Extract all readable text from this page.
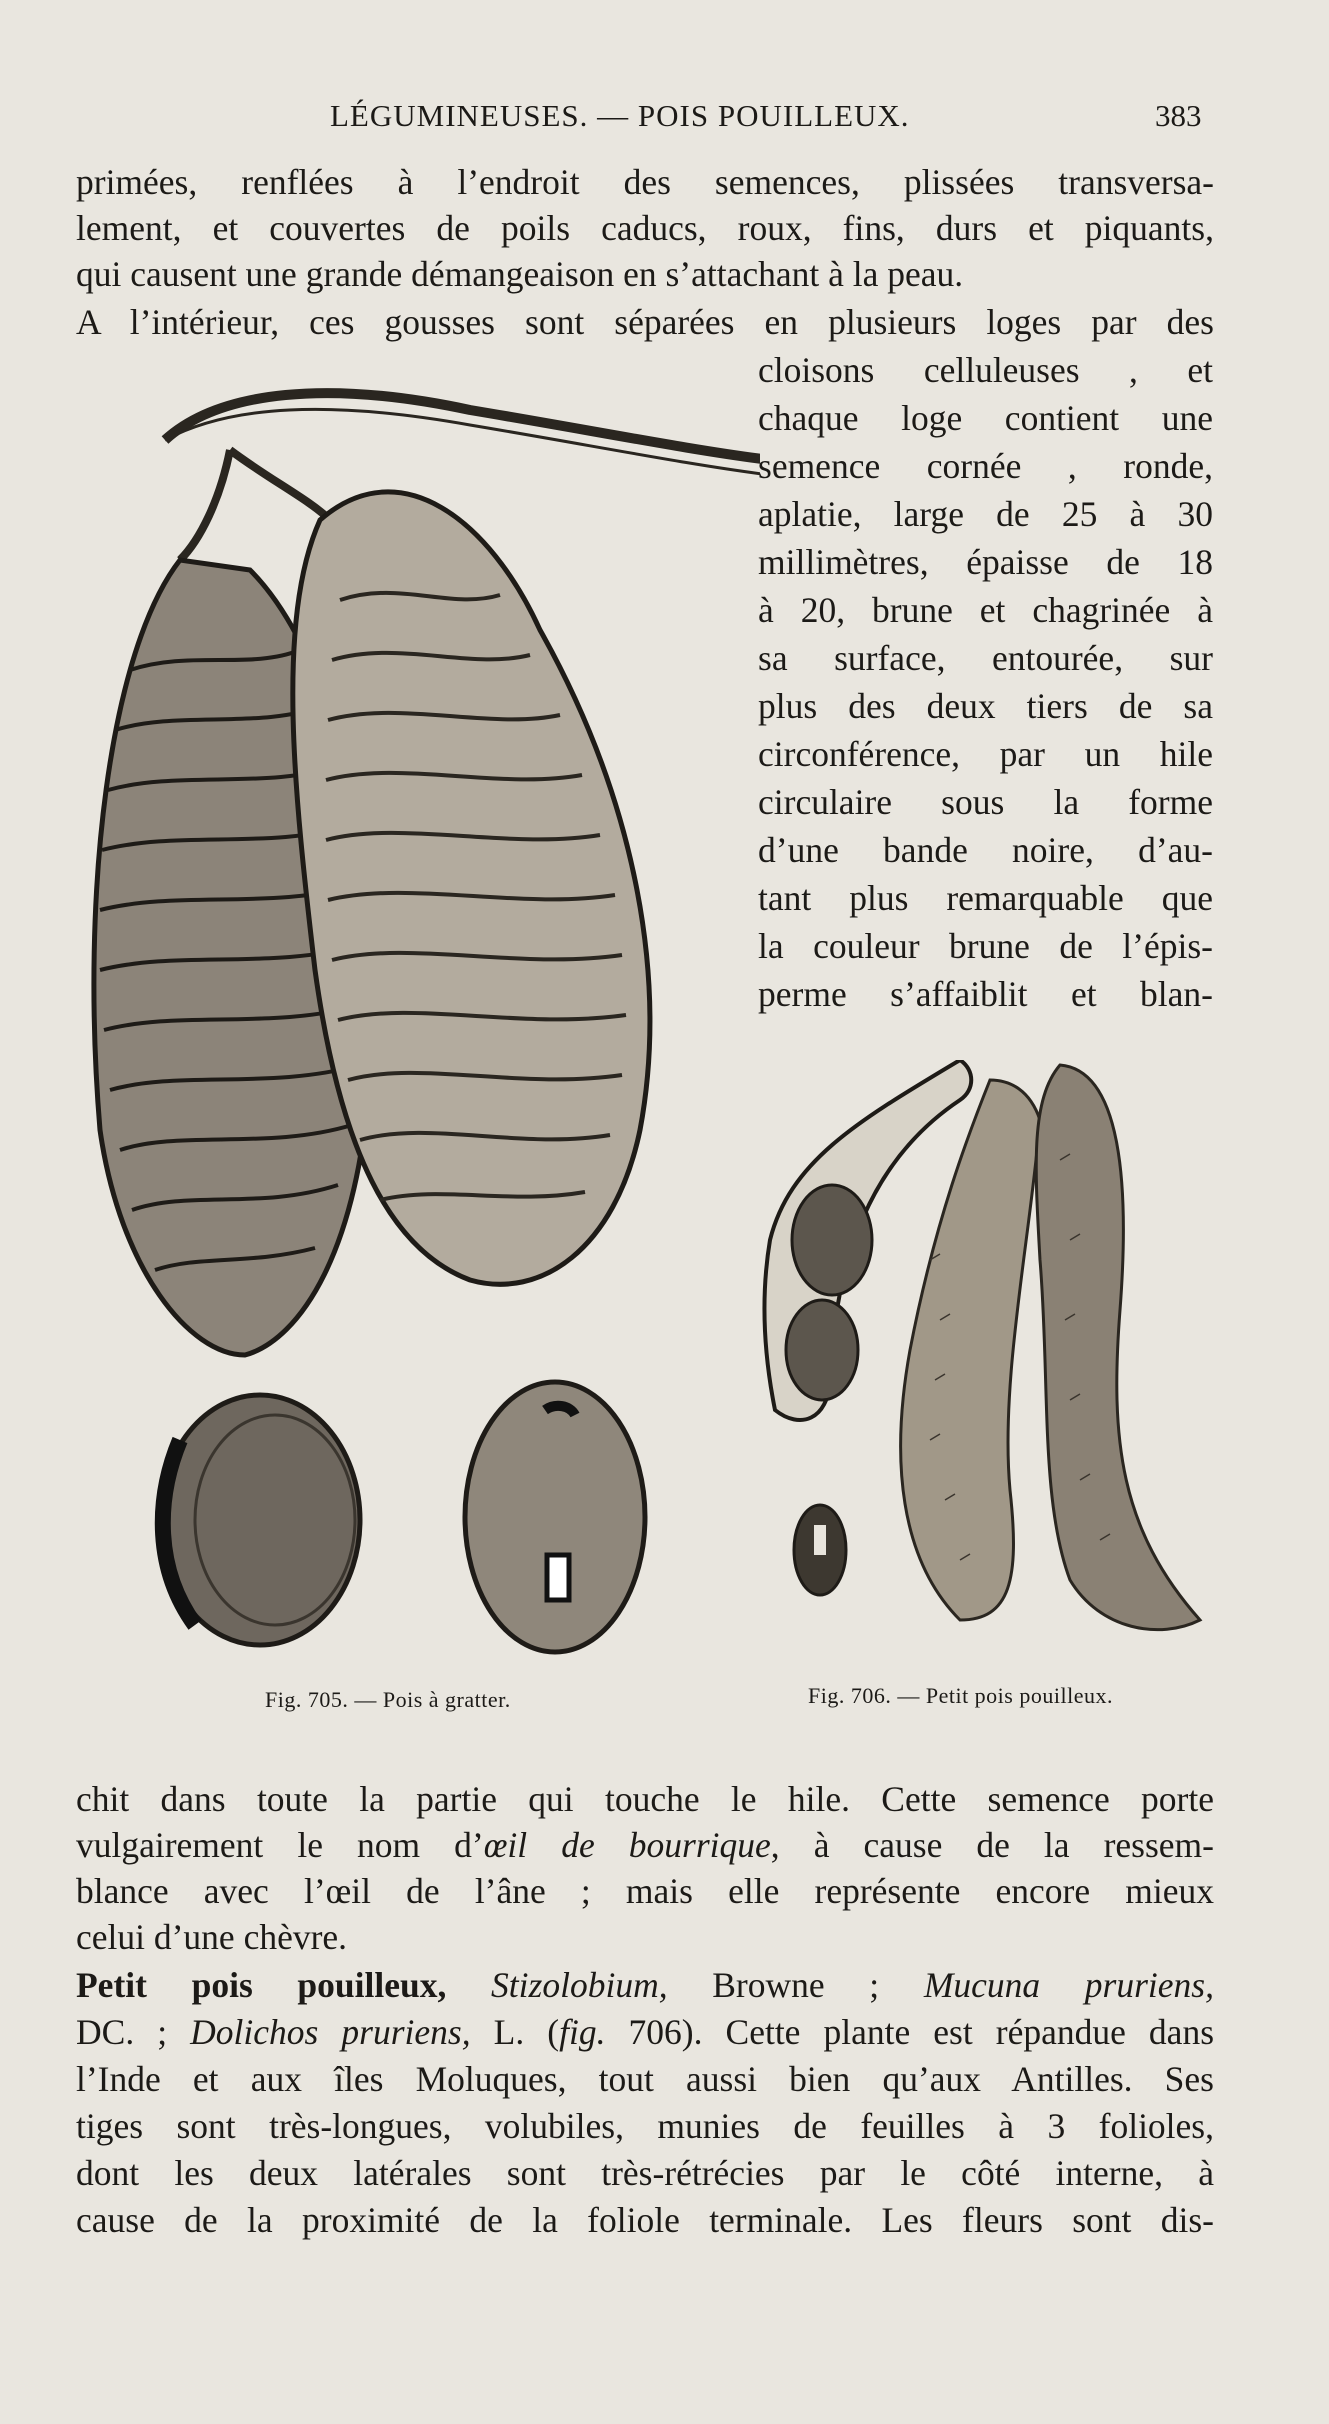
LÉGUMINEUSES. — POIS POUILLEUX.	383
primées, renflées à l’endroit des semences, plissées transversa-
lement, et couvertes de poils caducs, roux, fins, durs et piquants,
qui causent une grande démangeaison en s’attachant à la peau.
A l’intérieur, ces gousses sont séparées en plusieurs loges par des
cloisons celluleuses , et
chaque loge contient une
semence cornée , ronde,
aplatie, large de 25 à 30
millimètres, épaisse de 18
à 20, brune et chagrinée à
sa surface, entourée, sur
plus des deux tiers de sa
circonférence, par un hile
circulaire sous la forme
d’une bande noire, d’au-
tant plus remarquable que
la couleur brune de l’épis-
perme s’affaiblit et blan-
Fig. 705. — Pois à gratter.	Fig. 706. — Petit pois pouilleux.
chit dans toute la partie qui touche le hile. Cette semence porte
vulgairement le nom d’œil de bourrique, à cause de la ressem-
blance avec l’œil de l’âne ; mais elle représente encore mieux
celui d’une chèvre.
Petit pois pouilleux, Stizolobium, Browne ; Mucuna pruriens,
DC. ; Dolichos pruriens, L. (fig. 706). Cette plante est répandue dans
l’Inde et aux îles Moluques, tout aussi bien qu’aux Antilles. Ses
tiges sont très-longues, volubiles, munies de feuilles à 3 folioles,
dont les deux latérales sont très-rétrécies par le côté interne, à
cause de la proximité de la foliole terminale. Les fleurs sont dis-
